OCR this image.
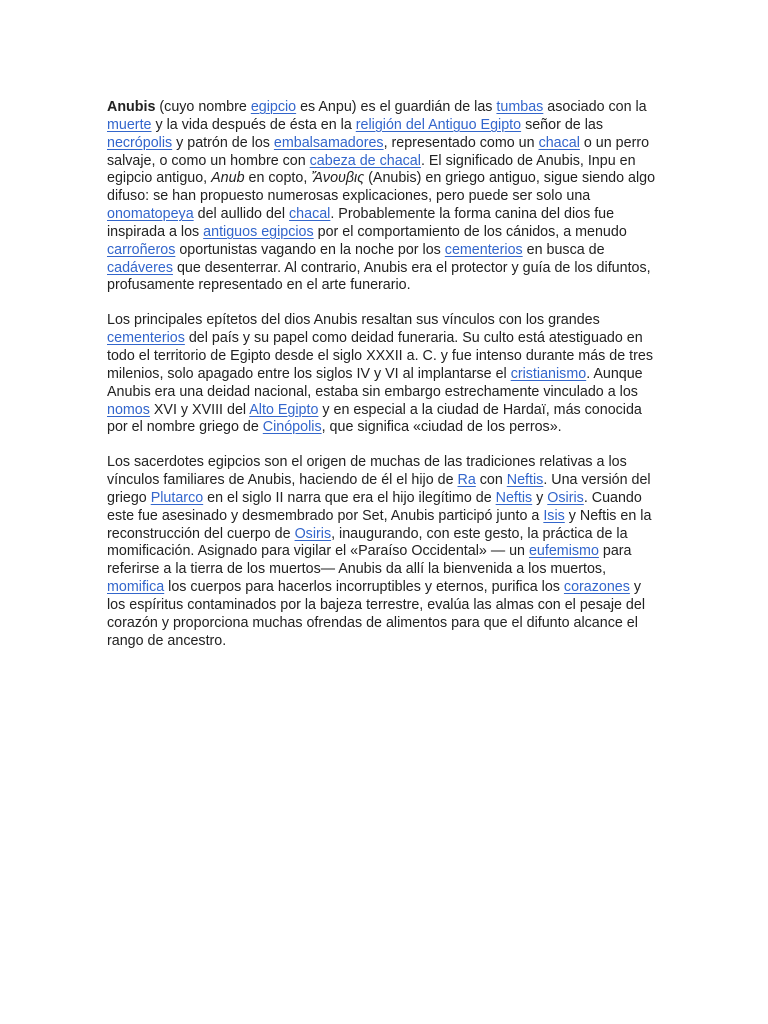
Anubis (cuyo nombre egipcio es Anpu) es el guardián de las tumbas asociado con la muerte y la vida después de ésta en la religión del Antiguo Egipto señor de las necrópolis y patrón de los embalsamadores, representado como un chacal o un perro salvaje, o como un hombre con cabeza de chacal. El significado de Anubis, Inpu en egipcio antiguo, Anub en copto, Ἄνουβις (Anubis) en griego antiguo, sigue siendo algo difuso: se han propuesto numerosas explicaciones, pero puede ser solo una onomatopeya del aullido del chacal. Probablemente la forma canina del dios fue inspirada a los antiguos egipcios por el comportamiento de los cánidos, a menudo carroñeros oportunistas vagando en la noche por los cementerios en busca de cadáveres que desenterrar. Al contrario, Anubis era el protector y guía de los difuntos, profusamente representado en el arte funerario.

Los principales epítetos del dios Anubis resaltan sus vínculos con los grandes cementerios del país y su papel como deidad funeraria. Su culto está atestiguado en todo el territorio de Egipto desde el siglo XXXII a. C. y fue intenso durante más de tres milenios, solo apagado entre los siglos IV y VI al implantarse el cristianismo. Aunque Anubis era una deidad nacional, estaba sin embargo estrechamente vinculado a los nomos XVI y XVIII del Alto Egipto y en especial a la ciudad de Hardaï, más conocida por el nombre griego de Cinópolis, que significa «ciudad de los perros».

Los sacerdotes egipcios son el origen de muchas de las tradiciones relativas a los vínculos familiares de Anubis, haciendo de él el hijo de Ra con Neftis. Una versión del griego Plutarco en el siglo II narra que era el hijo ilegítimo de Neftis y Osiris. Cuando este fue asesinado y desmembrado por Set, Anubis participó junto a Isis y Neftis en la reconstrucción del cuerpo de Osiris, inaugurando, con este gesto, la práctica de la momificación. Asignado para vigilar el «Paraíso Occidental» — un eufemismo para referirse a la tierra de los muertos— Anubis da allí la bienvenida a los muertos, momifica los cuerpos para hacerlos incorruptibles y eternos, purifica los corazones y los espíritus contaminados por la bajeza terrestre, evalúa las almas con el pesaje del corazón y proporciona muchas ofrendas de alimentos para que el difunto alcance el rango de ancestro.
